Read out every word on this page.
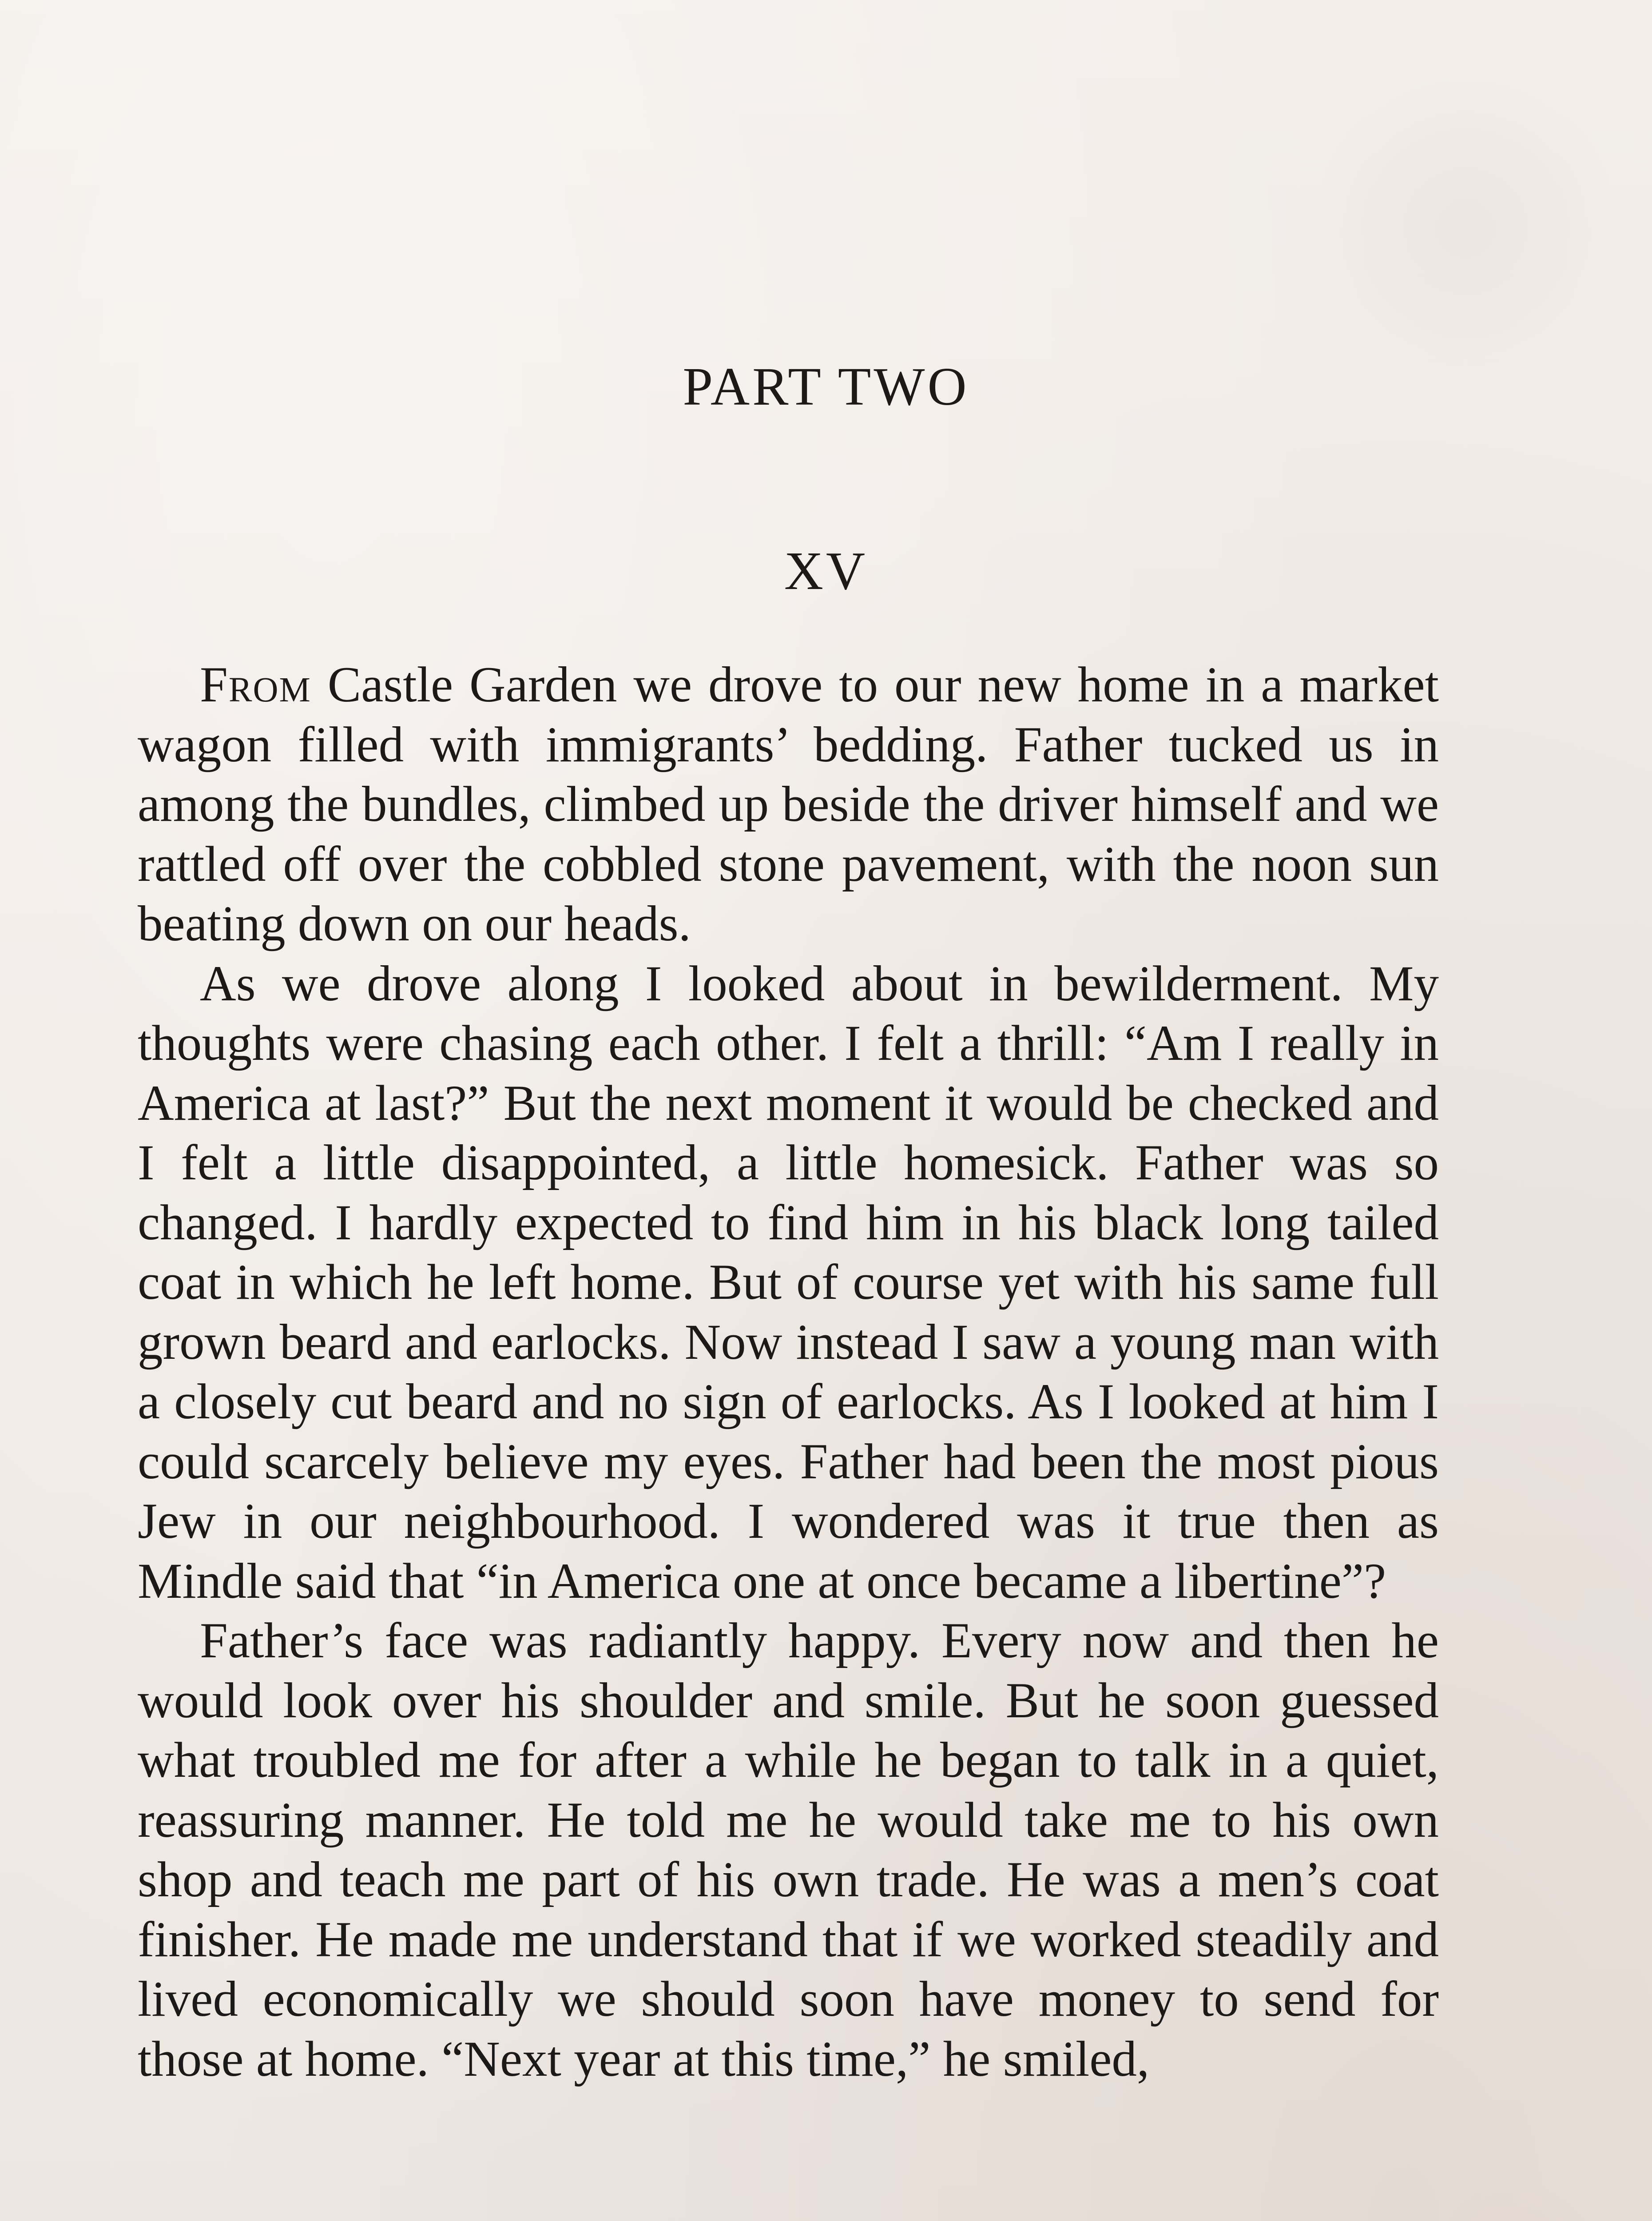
PART TWO
XV

From Castle Garden we drove to our new home in a market wagon filled with immigrants’ bedding. Father tucked us in among the bundles, climbed up beside the driver himself and we rattled off over the cobbled stone pavement, with the noon sun beating down on our heads.

As we drove along I looked about in bewilderment. My thoughts were chasing each other. I felt a thrill: “Am I really in America at last?” But the next moment it would be checked and I felt a little disappointed, a little homesick. Father was so changed. I hardly expected to find him in his black long tailed coat in which he left home. But of course yet with his same full grown beard and earlocks. Now instead I saw a young man with a closely cut beard and no sign of earlocks. As I looked at him I could scarcely believe my eyes. Father had been the most pious Jew in our neighbourhood. I wondered was it true then as Mindle said that “in America one at once became a libertine”?

Father’s face was radiantly happy. Every now and then he would look over his shoulder and smile. But he soon guessed what troubled me for after a while he began to talk in a quiet, reassuring manner. He told me he would take me to his own shop and teach me part of his own trade. He was a men’s coat finisher. He made me understand that if we worked steadily and lived economically we should soon have money to send for those at home. “Next year at this time,” he smiled,
